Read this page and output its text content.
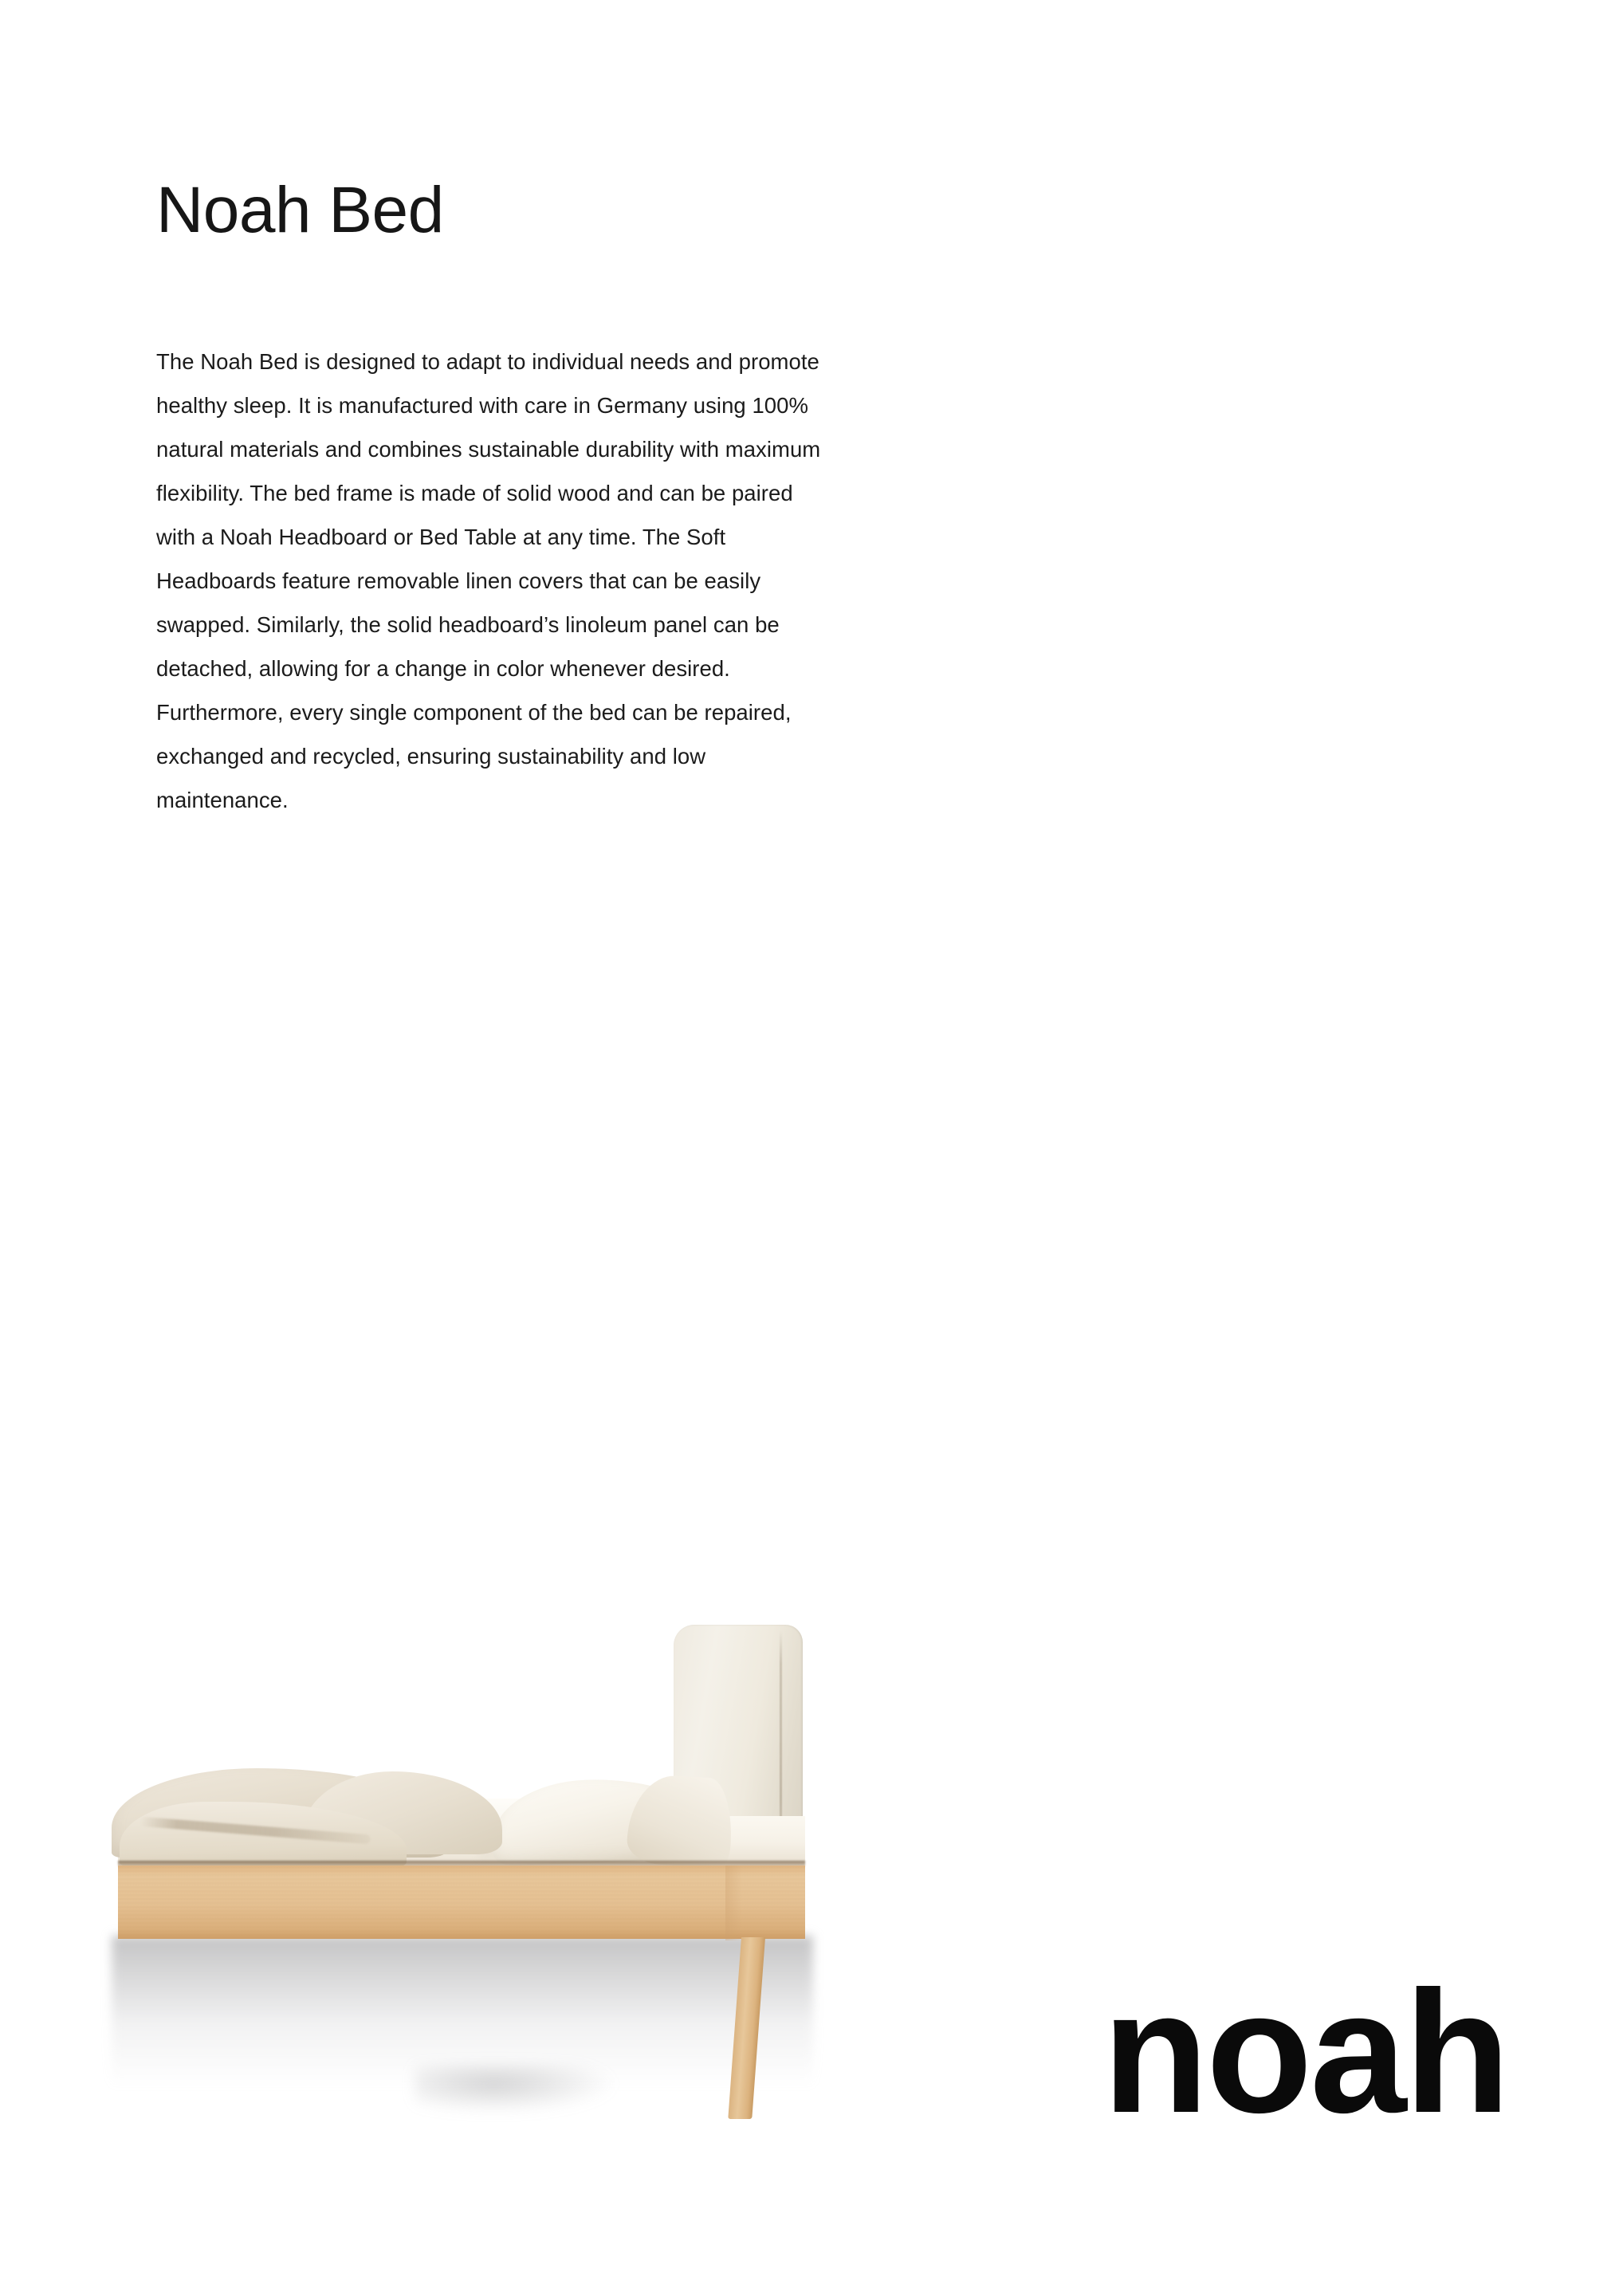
Noah Bed

The Noah Bed is designed to adapt to individual needs and promote healthy sleep. It is manufactured with care in Germany using 100% natural materials and combines sustainable durability with maximum flexibility. The bed frame is made of solid wood and can be paired with a Noah Headboard or Bed Table at any time. The Soft Headboards feature removable linen covers that can be easily swapped. Similarly, the solid headboard’s linoleum panel can be detached, allowing for a change in color whenever desired. Furthermore, every single component of the bed can be repaired, exchanged and recycled, ensuring sustainability and low maintenance.

noah
